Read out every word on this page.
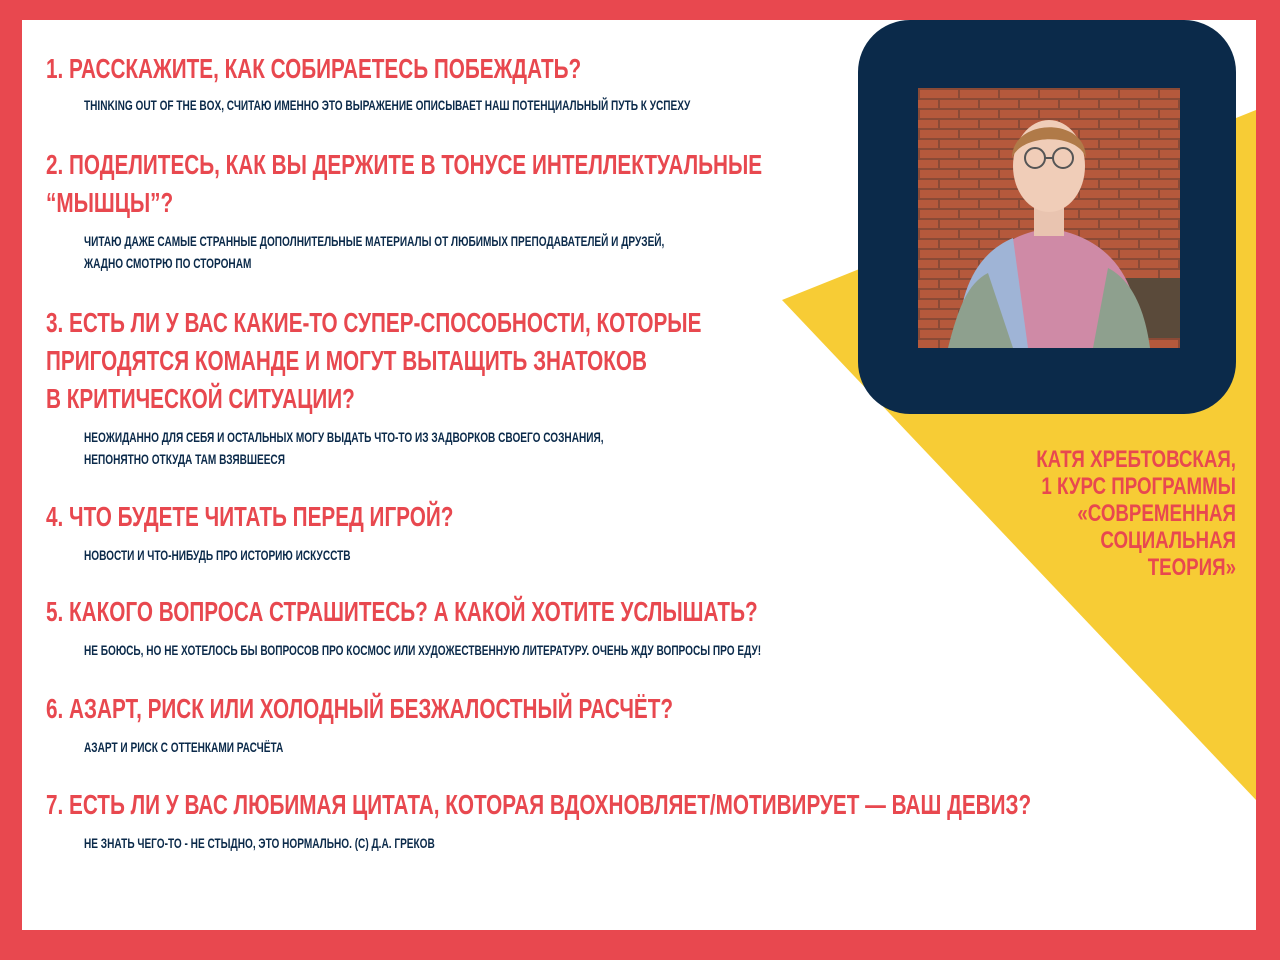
КАТЯ ХРЕБТОВСКАЯ,
1 КУРС ПРОГРАММЫ
«СОВРЕМЕННАЯ
СОЦИАЛЬНАЯ
ТЕОРИЯ»

1. РАССКАЖИТЕ, КАК СОБИРАЕТЕСЬ ПОБЕЖДАТЬ?

THINKING OUT OF THE BOX, СЧИТАЮ ИМЕННО ЭТО ВЫРАЖЕНИЕ ОПИСЫВАЕТ НАШ ПОТЕНЦИАЛЬНЫЙ ПУТЬ К УСПЕХУ

2. ПОДЕЛИТЕСЬ, КАК ВЫ ДЕРЖИТЕ В ТОНУСЕ ИНТЕЛЛЕКТУАЛЬНЫЕ

“МЫШЦЫ”?

ЧИТАЮ ДАЖЕ САМЫЕ СТРАННЫЕ ДОПОЛНИТЕЛЬНЫЕ МАТЕРИАЛЫ ОТ ЛЮБИМЫХ ПРЕПОДАВАТЕЛЕЙ И ДРУЗЕЙ,

ЖАДНО СМОТРЮ ПО СТОРОНАМ

3. ЕСТЬ ЛИ У ВАС КАКИЕ-ТО СУПЕР-СПОСОБНОСТИ, КОТОРЫЕ

ПРИГОДЯТСЯ КОМАНДЕ И МОГУТ ВЫТАЩИТЬ ЗНАТОКОВ

В КРИТИЧЕСКОЙ СИТУАЦИИ?

НЕОЖИДАННО ДЛЯ СЕБЯ И ОСТАЛЬНЫХ МОГУ ВЫДАТЬ ЧТО-ТО ИЗ ЗАДВОРКОВ СВОЕГО СОЗНАНИЯ,

НЕПОНЯТНО ОТКУДА ТАМ ВЗЯВШЕЕСЯ

4. ЧТО БУДЕТЕ ЧИТАТЬ ПЕРЕД ИГРОЙ?

НОВОСТИ И ЧТО-НИБУДЬ ПРО ИСТОРИЮ ИСКУССТВ

5. КАКОГО ВОПРОСА СТРАШИТЕСЬ? А КАКОЙ ХОТИТЕ УСЛЫШАТЬ?

НЕ БОЮСЬ, НО НЕ ХОТЕЛОСЬ БЫ ВОПРОСОВ ПРО КОСМОС ИЛИ ХУДОЖЕСТВЕННУЮ ЛИТЕРАТУРУ. ОЧЕНЬ ЖДУ ВОПРОСЫ ПРО ЕДУ!

6. АЗАРТ, РИСК ИЛИ ХОЛОДНЫЙ БЕЗЖАЛОСТНЫЙ РАСЧЁТ?

АЗАРТ И РИСК С ОТТЕНКАМИ РАСЧЁТА

7. ЕСТЬ ЛИ У ВАС ЛЮБИМАЯ ЦИТАТА, КОТОРАЯ ВДОХНОВЛЯЕТ/МОТИВИРУЕТ — ВАШ ДЕВИЗ?

НЕ ЗНАТЬ ЧЕГО-ТО - НЕ СТЫДНО, ЭТО НОРМАЛЬНО. (С) Д.А. ГРЕКОВ
